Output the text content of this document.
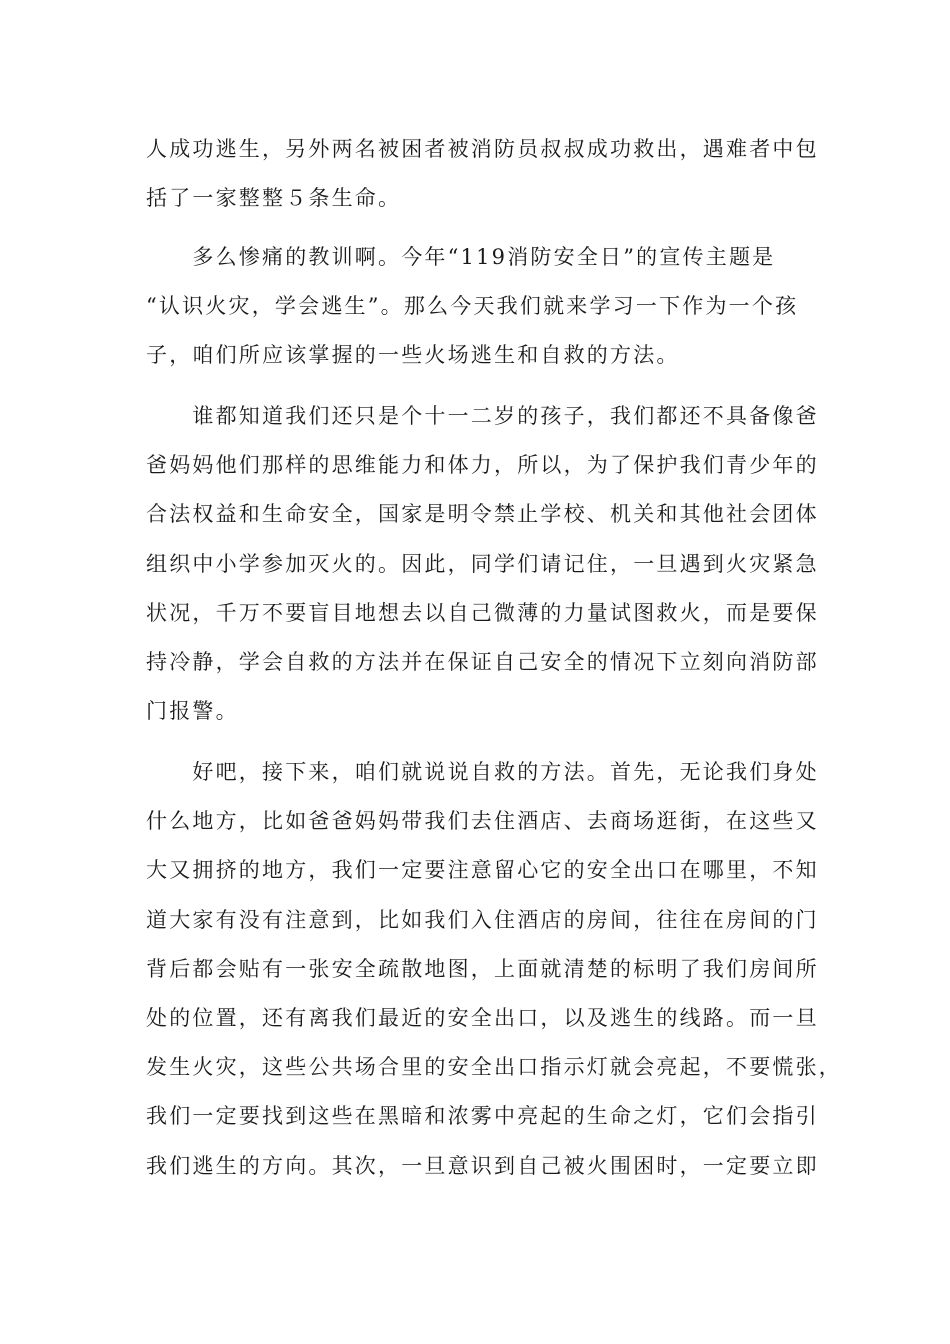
人成功逃生，另外两名被困者被消防员叔叔成功救出，遇难者中包
括了一家整整５条生命。
　　多么惨痛的教训啊。今年“119消防安全日”的宣传主题是
“认识火灾，学会逃生”。那么今天我们就来学习一下作为一个孩
子，咱们所应该掌握的一些火场逃生和自救的方法。
　　谁都知道我们还只是个十一二岁的孩子，我们都还不具备像爸
爸妈妈他们那样的思维能力和体力，所以，为了保护我们青少年的
合法权益和生命安全，国家是明令禁止学校、机关和其他社会团体
组织中小学参加灭火的。因此，同学们请记住，一旦遇到火灾紧急
状况，千万不要盲目地想去以自己微薄的力量试图救火，而是要保
持冷静，学会自救的方法并在保证自己安全的情况下立刻向消防部
门报警。
　　好吧，接下来，咱们就说说自救的方法。首先，无论我们身处
什么地方，比如爸爸妈妈带我们去住酒店、去商场逛街，在这些又
大又拥挤的地方，我们一定要注意留心它的安全出口在哪里，不知
道大家有没有注意到，比如我们入住酒店的房间，往往在房间的门
背后都会贴有一张安全疏散地图，上面就清楚的标明了我们房间所
处的位置，还有离我们最近的安全出口，以及逃生的线路。而一旦
发生火灾，这些公共场合里的安全出口指示灯就会亮起，不要慌张，
我们一定要找到这些在黑暗和浓雾中亮起的生命之灯，它们会指引
我们逃生的方向。其次，一旦意识到自己被火围困时，一定要立即
